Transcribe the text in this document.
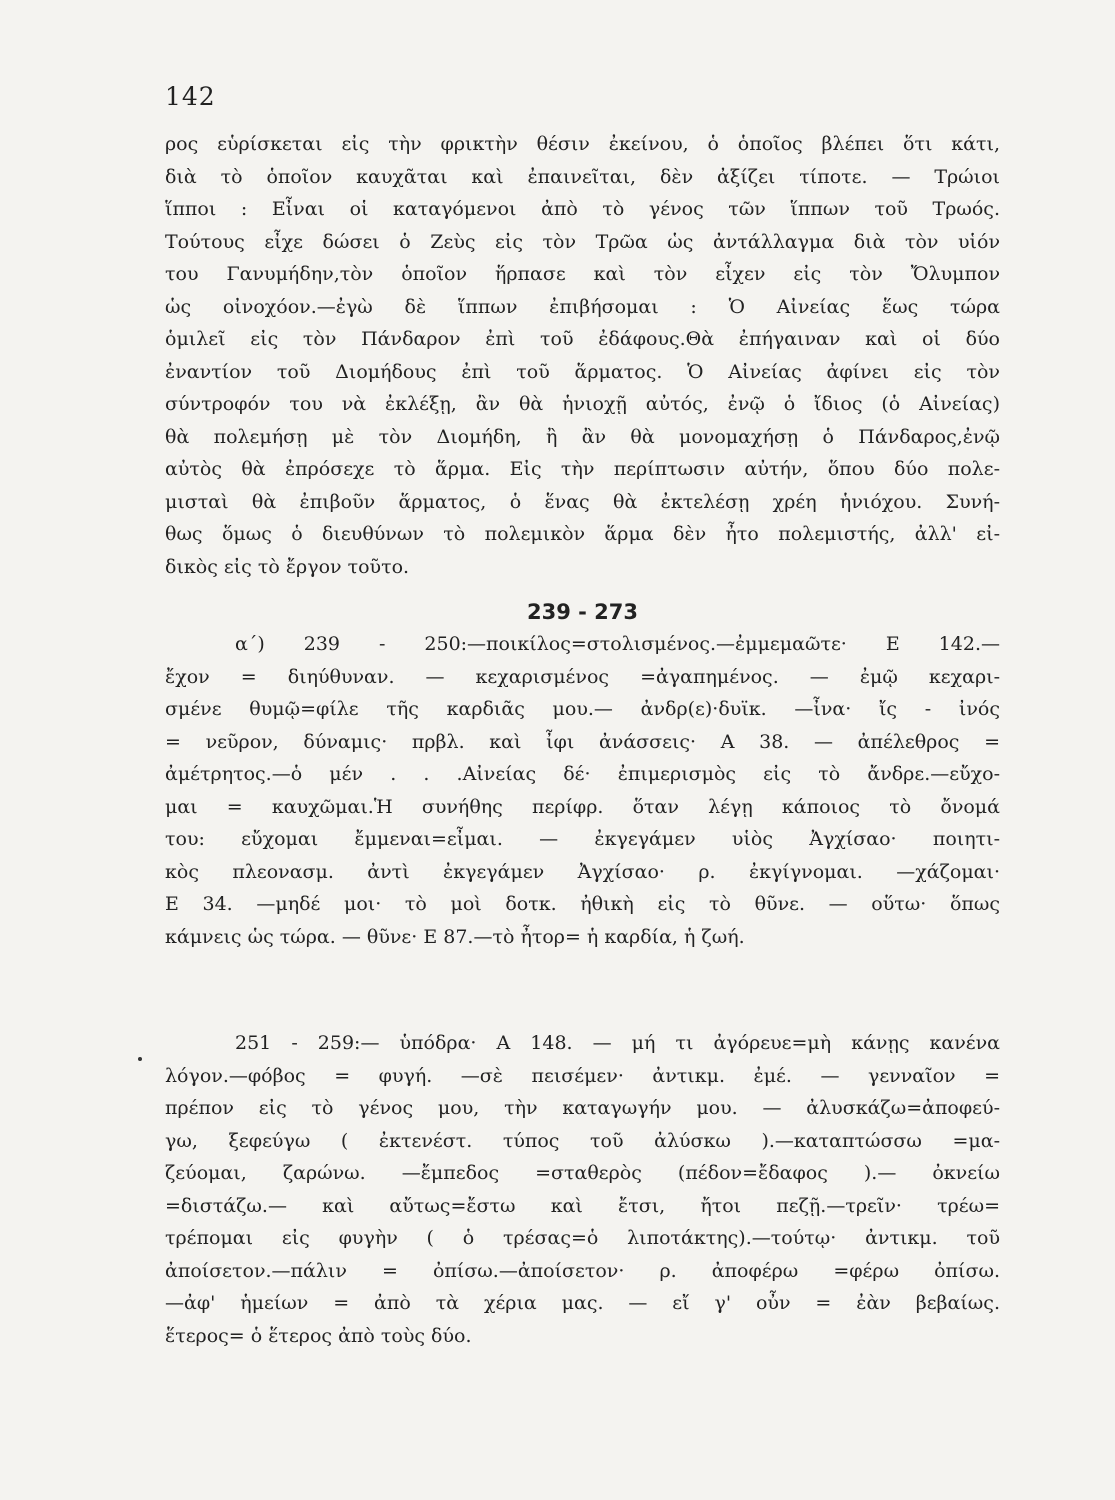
142
ρος εὑρίσκεται εἰς τὴν φρικτὴν θέσιν ἐκείνου, ὁ ὁποῖος βλέπει ὅτι κάτι,
διὰ τὸ ὁποῖον καυχᾶται καὶ ἐπαινεῖται, δὲν ἀξίζει τίποτε. — Τρώιοι
ἵπποι : Εἶναι οἱ καταγόμενοι ἀπὸ τὸ γένος τῶν ἵππων τοῦ Τρωός.
Τούτους εἶχε δώσει ὁ Ζεὺς εἰς τὸν Τρῶα ὡς ἀντάλλαγμα διὰ τὸν υἱόν
του Γανυμήδην,τὸν ὁποῖον ἥρπασε καὶ τὸν εἶχεν εἰς τὸν Ὄλυμπον
ὡς οἰνοχόον.—ἐγὼ δὲ ἵππων ἐπιβήσομαι : Ὁ Αἰνείας ἕως τώρα
ὁμιλεῖ εἰς τὸν Πάνδαρον ἐπὶ τοῦ ἐδάφους.Θὰ ἐπήγαιναν καὶ οἱ δύο
ἐναντίον τοῦ Διομήδους ἐπὶ τοῦ ἅρματος. Ὁ Αἰνείας ἀφίνει εἰς τὸν
σύντροφόν του νὰ ἐκλέξῃ, ἂν θὰ ἡνιοχῇ αὐτός, ἐνῷ ὁ ἴδιος (ὁ Αἰνείας)
θὰ πολεμήσῃ μὲ τὸν Διομήδη, ἢ ἂν θὰ μονομαχήσῃ ὁ Πάνδαρος,ἐνῷ
αὐτὸς θὰ ἐπρόσεχε τὸ ἅρμα. Εἰς τὴν περίπτωσιν αὐτήν, ὅπου δύο πολε-
μισταὶ θὰ ἐπιβοῦν ἅρματος, ὁ ἕνας θὰ ἐκτελέσῃ χρέη ἡνιόχου. Συνή-
θως ὅμως ὁ διευθύνων τὸ πολεμικὸν ἅρμα δὲν ἦτο πολεμιστής, ἀλλ' εἰ-
δικὸς εἰς τὸ ἔργον τοῦτο.
239 - 273
α΄) 239 - 250:—ποικίλος=στολισμένος.—ἐμμεμαῶτε· Ε 142.—
ἔχον = διηύθυναν. — κεχαρισμένος =ἀγαπημένος. — ἐμῷ κεχαρι-
σμένε θυμῷ=φίλε τῆς καρδιᾶς μου.— ἀνδρ(ε)·δυϊκ. —ἶνα· ἴς - ἰνός
= νεῦρον, δύναμις· πρβλ. καὶ ἶφι ἀνάσσεις· Α 38. — ἀπέλεθρος =
ἀμέτρητος.—ὁ μέν . . .Αἰνείας δέ· ἐπιμερισμὸς εἰς τὸ ἄνδρε.—εὔχο-
μαι = καυχῶμαι.Ἡ συνήθης περίφρ. ὅταν λέγῃ κάποιος τὸ ὄνομά
του: εὔχομαι ἔμμεναι=εἶμαι. — ἐκγεγάμεν υἱὸς Ἀγχίσαο· ποιητι-
κὸς πλεονασμ. ἀντὶ ἐκγεγάμεν Ἀγχίσαο· ρ. ἐκγίγνομαι. —χάζομαι·
Ε 34. —μηδέ μοι· τὸ μοὶ δοτκ. ἠθικὴ εἰς τὸ θῦνε. — οὕτω· ὅπως
κάμνεις ὡς τώρα. — θῦνε· Ε 87.—τὸ ἦτορ= ἡ καρδία, ἡ ζωή.
251 - 259:— ὑπόδρα· Α 148. — μή τι ἀγόρευε=μὴ κάνῃς κανένα
λόγον.—φόβος = φυγή. —σὲ πεισέμεν· ἀντικμ. ἐμέ. — γενναῖον =
πρέπον εἰς τὸ γένος μου, τὴν καταγωγήν μου. — ἀλυσκάζω=ἀποφεύ-
γω, ξεφεύγω ( ἐκτενέστ. τύπος τοῦ ἀλύσκω ).—καταπτώσσω =μα-
ζεύομαι, ζαρώνω. —ἔμπεδος =σταθερὸς (πέδον=ἔδαφος ).— ὀκνείω
=διστάζω.— καὶ αὔτως=ἔστω καὶ ἔτσι, ἤτοι πεζῇ.—τρεῖν· τρέω=
τρέπομαι εἰς φυγὴν ( ὁ τρέσας=ὁ λιποτάκτης).—τούτῳ· ἀντικμ. τοῦ
ἀποίσετον.—πάλιν = ὀπίσω.—ἀποίσετον· ρ. ἀποφέρω =φέρω ὀπίσω.
—ἀφ' ἡμείων = ἀπὸ τὰ χέρια μας. — εἴ γ' οὖν = ἐὰν βεβαίως.
ἕτερος= ὁ ἕτερος ἀπὸ τοὺς δύο.
